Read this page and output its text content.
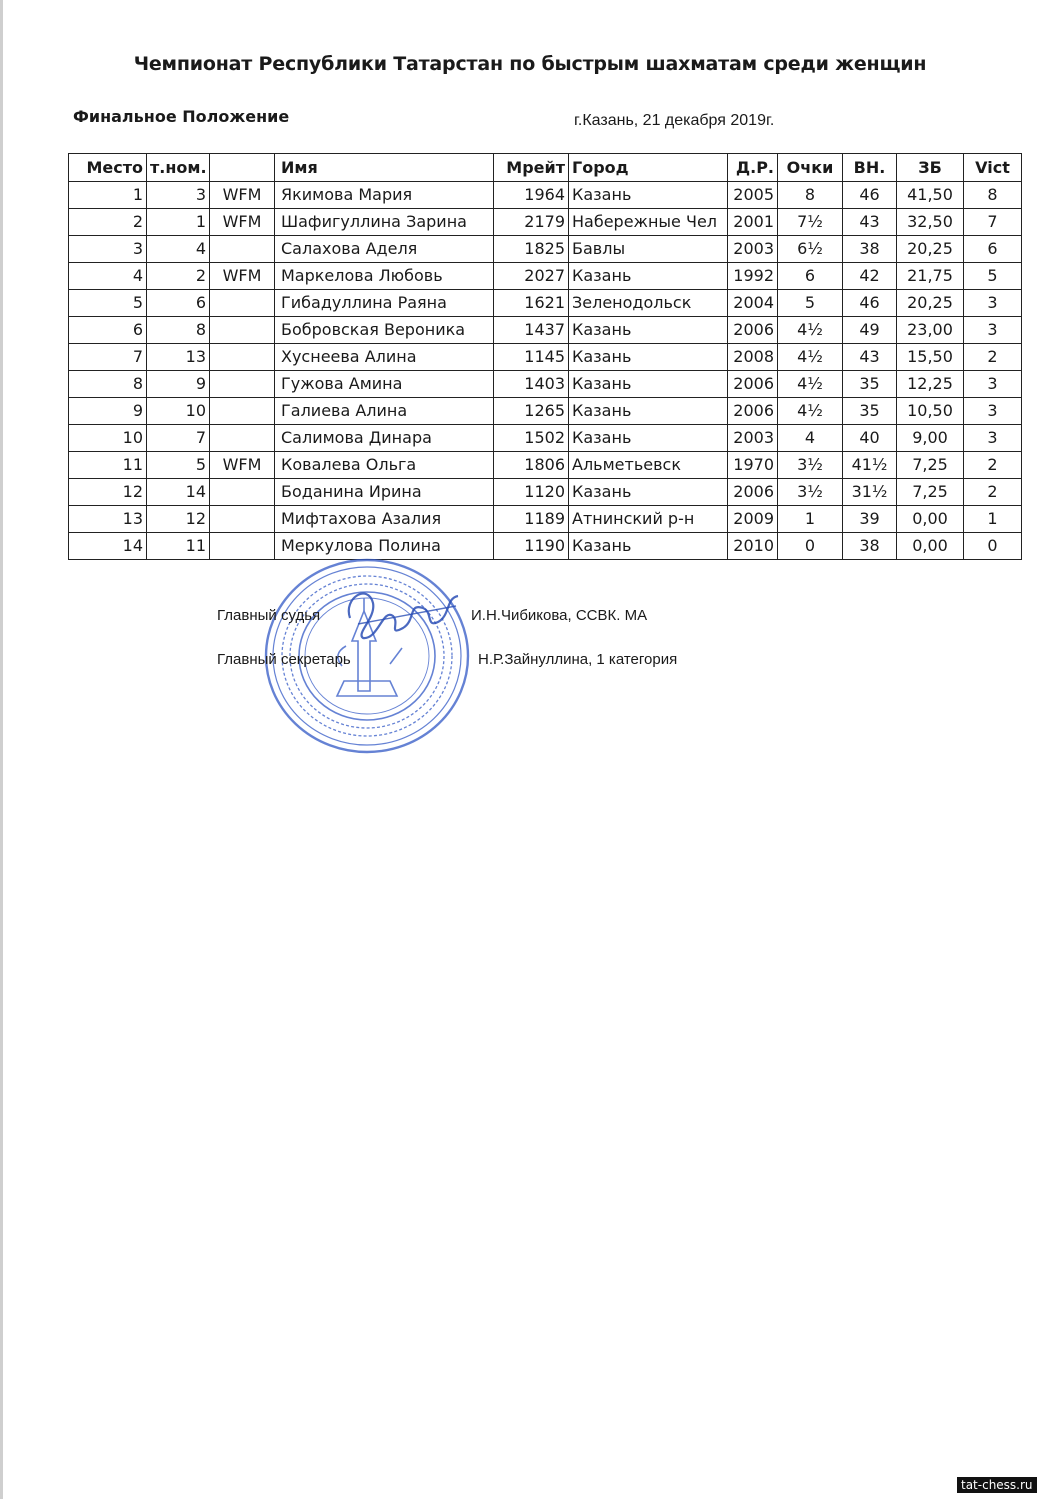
Чемпионат Республики Татарстан по быстрым шахматам среди женщин
Финальное Положение	г.Казань, 21 декабря 2019г.
Место	т.ном.		Имя	Мрейт	Город	Д.Р.	Очки	ВН.	ЗБ	Vict
1	3	WFM	Якимова Мария	1964	Казань	2005	8	46	41,50	8
2	1	WFM	Шафигуллина Зарина	2179	Набережные Чел	2001	7½	43	32,50	7
3	4		Салахова Аделя	1825	Бавлы	2003	6½	38	20,25	6
4	2	WFM	Маркелова Любовь	2027	Казань	1992	6	42	21,75	5
5	6		Гибадуллина Раяна	1621	Зеленодольск	2004	5	46	20,25	3
6	8		Бобровская Вероника	1437	Казань	2006	4½	49	23,00	3
7	13		Хуснеева Алина	1145	Казань	2008	4½	43	15,50	2
8	9		Гужова Амина	1403	Казань	2006	4½	35	12,25	3
9	10		Галиева Алина	1265	Казань	2006	4½	35	10,50	3
10	7		Салимова Динара	1502	Казань	2003	4	40	9,00	3
11	5	WFM	Ковалева Ольга	1806	Альметьевск	1970	3½	41½	7,25	2
12	14		Боданина Ирина	1120	Казань	2006	3½	31½	7,25	2
13	12		Мифтахова Азалия	1189	Атнинский р-н	2009	1	39	0,00	1
14	11		Меркулова Полина	1190	Казань	2010	0	38	0,00	0
Главный судья	И.Н.Чибикова, ССВК. МА
Главный секретарь	Н.Р.Зайнуллина, 1 категория
tat-chess.ru
